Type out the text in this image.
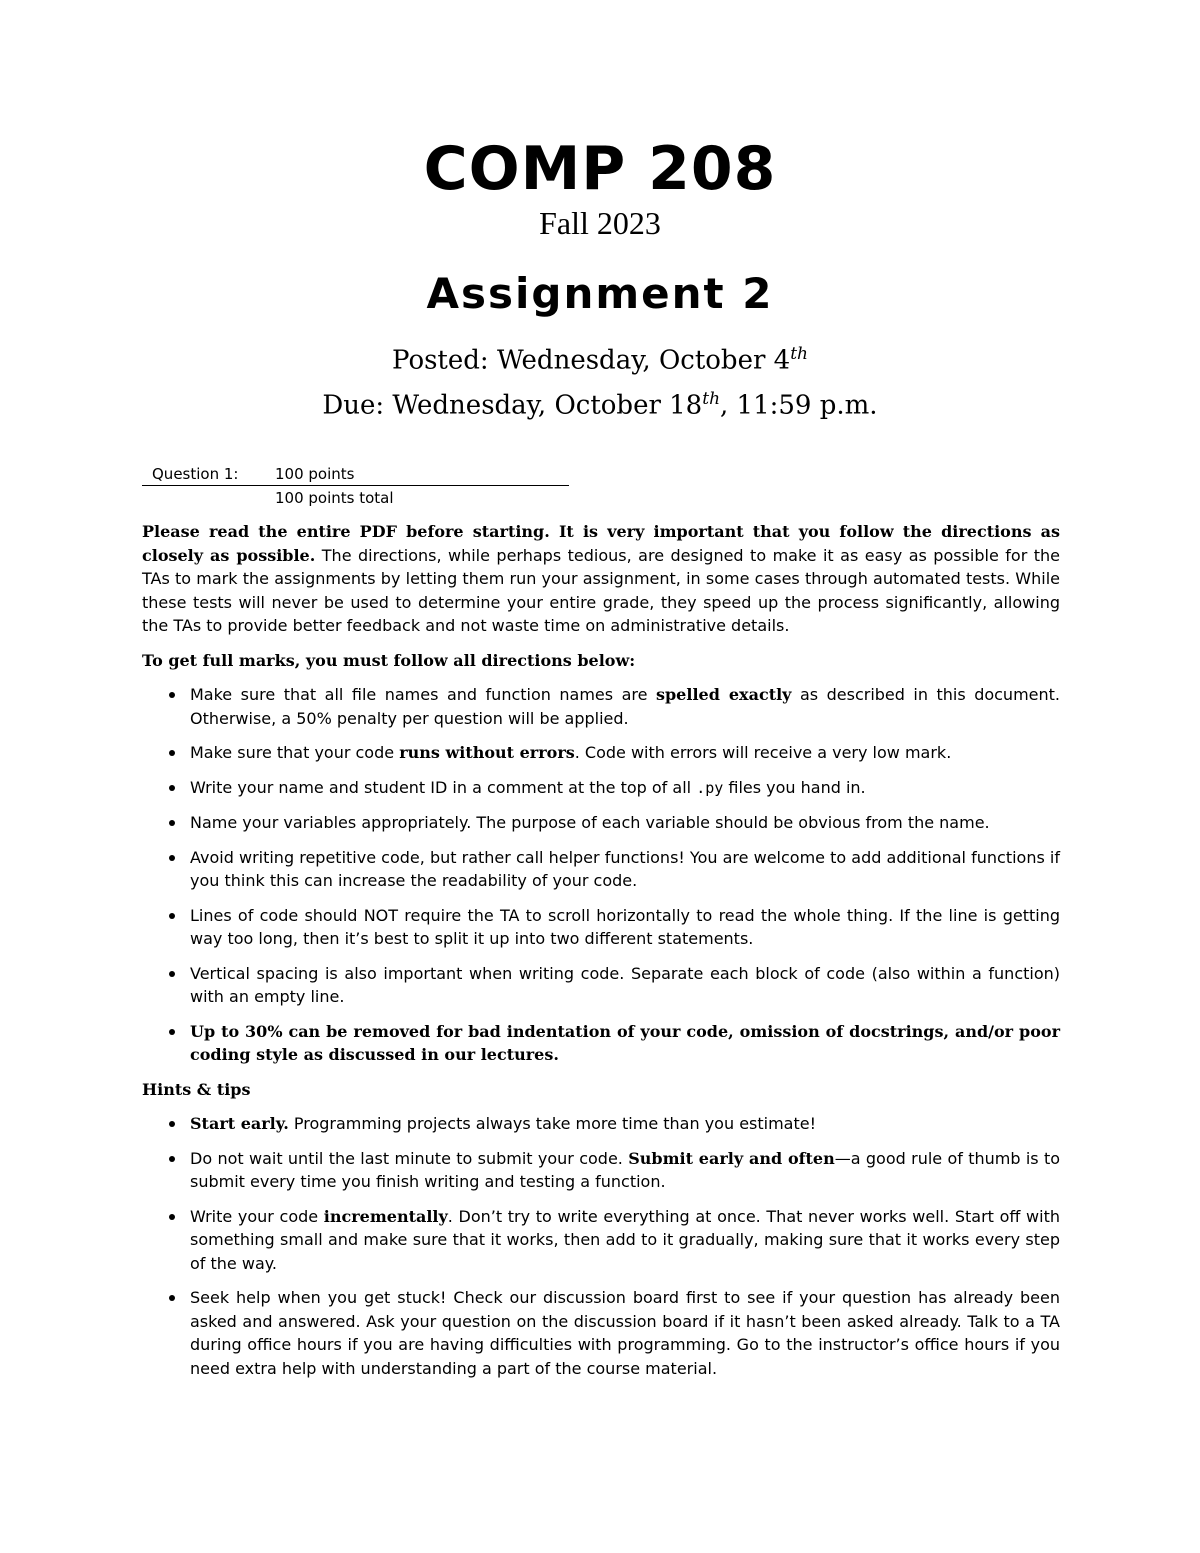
COMP 208
Fall 2023
Assignment 2
Posted: Wednesday, October 4th
Due: Wednesday, October 18th, 11:59 p.m.
Question 1: 100 points
100 points total

Please read the entire PDF before starting. It is very important that you follow the directions as closely as possible. The directions, while perhaps tedious, are designed to make it as easy as possible for the TAs to mark the assignments by letting them run your assignment, in some cases through automated tests. While these tests will never be used to determine your entire grade, they speed up the process significantly, allowing the TAs to provide better feedback and not waste time on administrative details.

To get full marks, you must follow all directions below:
Make sure that all file names and function names are spelled exactly as described in this document. Otherwise, a 50% penalty per question will be applied.
Make sure that your code runs without errors. Code with errors will receive a very low mark.
Write your name and student ID in a comment at the top of all .py files you hand in.
Name your variables appropriately. The purpose of each variable should be obvious from the name.
Avoid writing repetitive code, but rather call helper functions! You are welcome to add additional functions if you think this can increase the readability of your code.
Lines of code should NOT require the TA to scroll horizontally to read the whole thing. If the line is getting way too long, then it’s best to split it up into two different statements.
Vertical spacing is also important when writing code. Separate each block of code (also within a function) with an empty line.
Up to 30% can be removed for bad indentation of your code, omission of docstrings, and/or poor coding style as discussed in our lectures.
Hints & tips
Start early. Programming projects always take more time than you estimate!
Do not wait until the last minute to submit your code. Submit early and often—a good rule of thumb is to submit every time you finish writing and testing a function.
Write your code incrementally. Don’t try to write everything at once. That never works well. Start off with something small and make sure that it works, then add to it gradually, making sure that it works every step of the way.
Seek help when you get stuck! Check our discussion board first to see if your question has already been asked and answered. Ask your question on the discussion board if it hasn’t been asked already. Talk to a TA during office hours if you are having difficulties with programming. Go to the instructor’s office hours if you need extra help with understanding a part of the course material.
